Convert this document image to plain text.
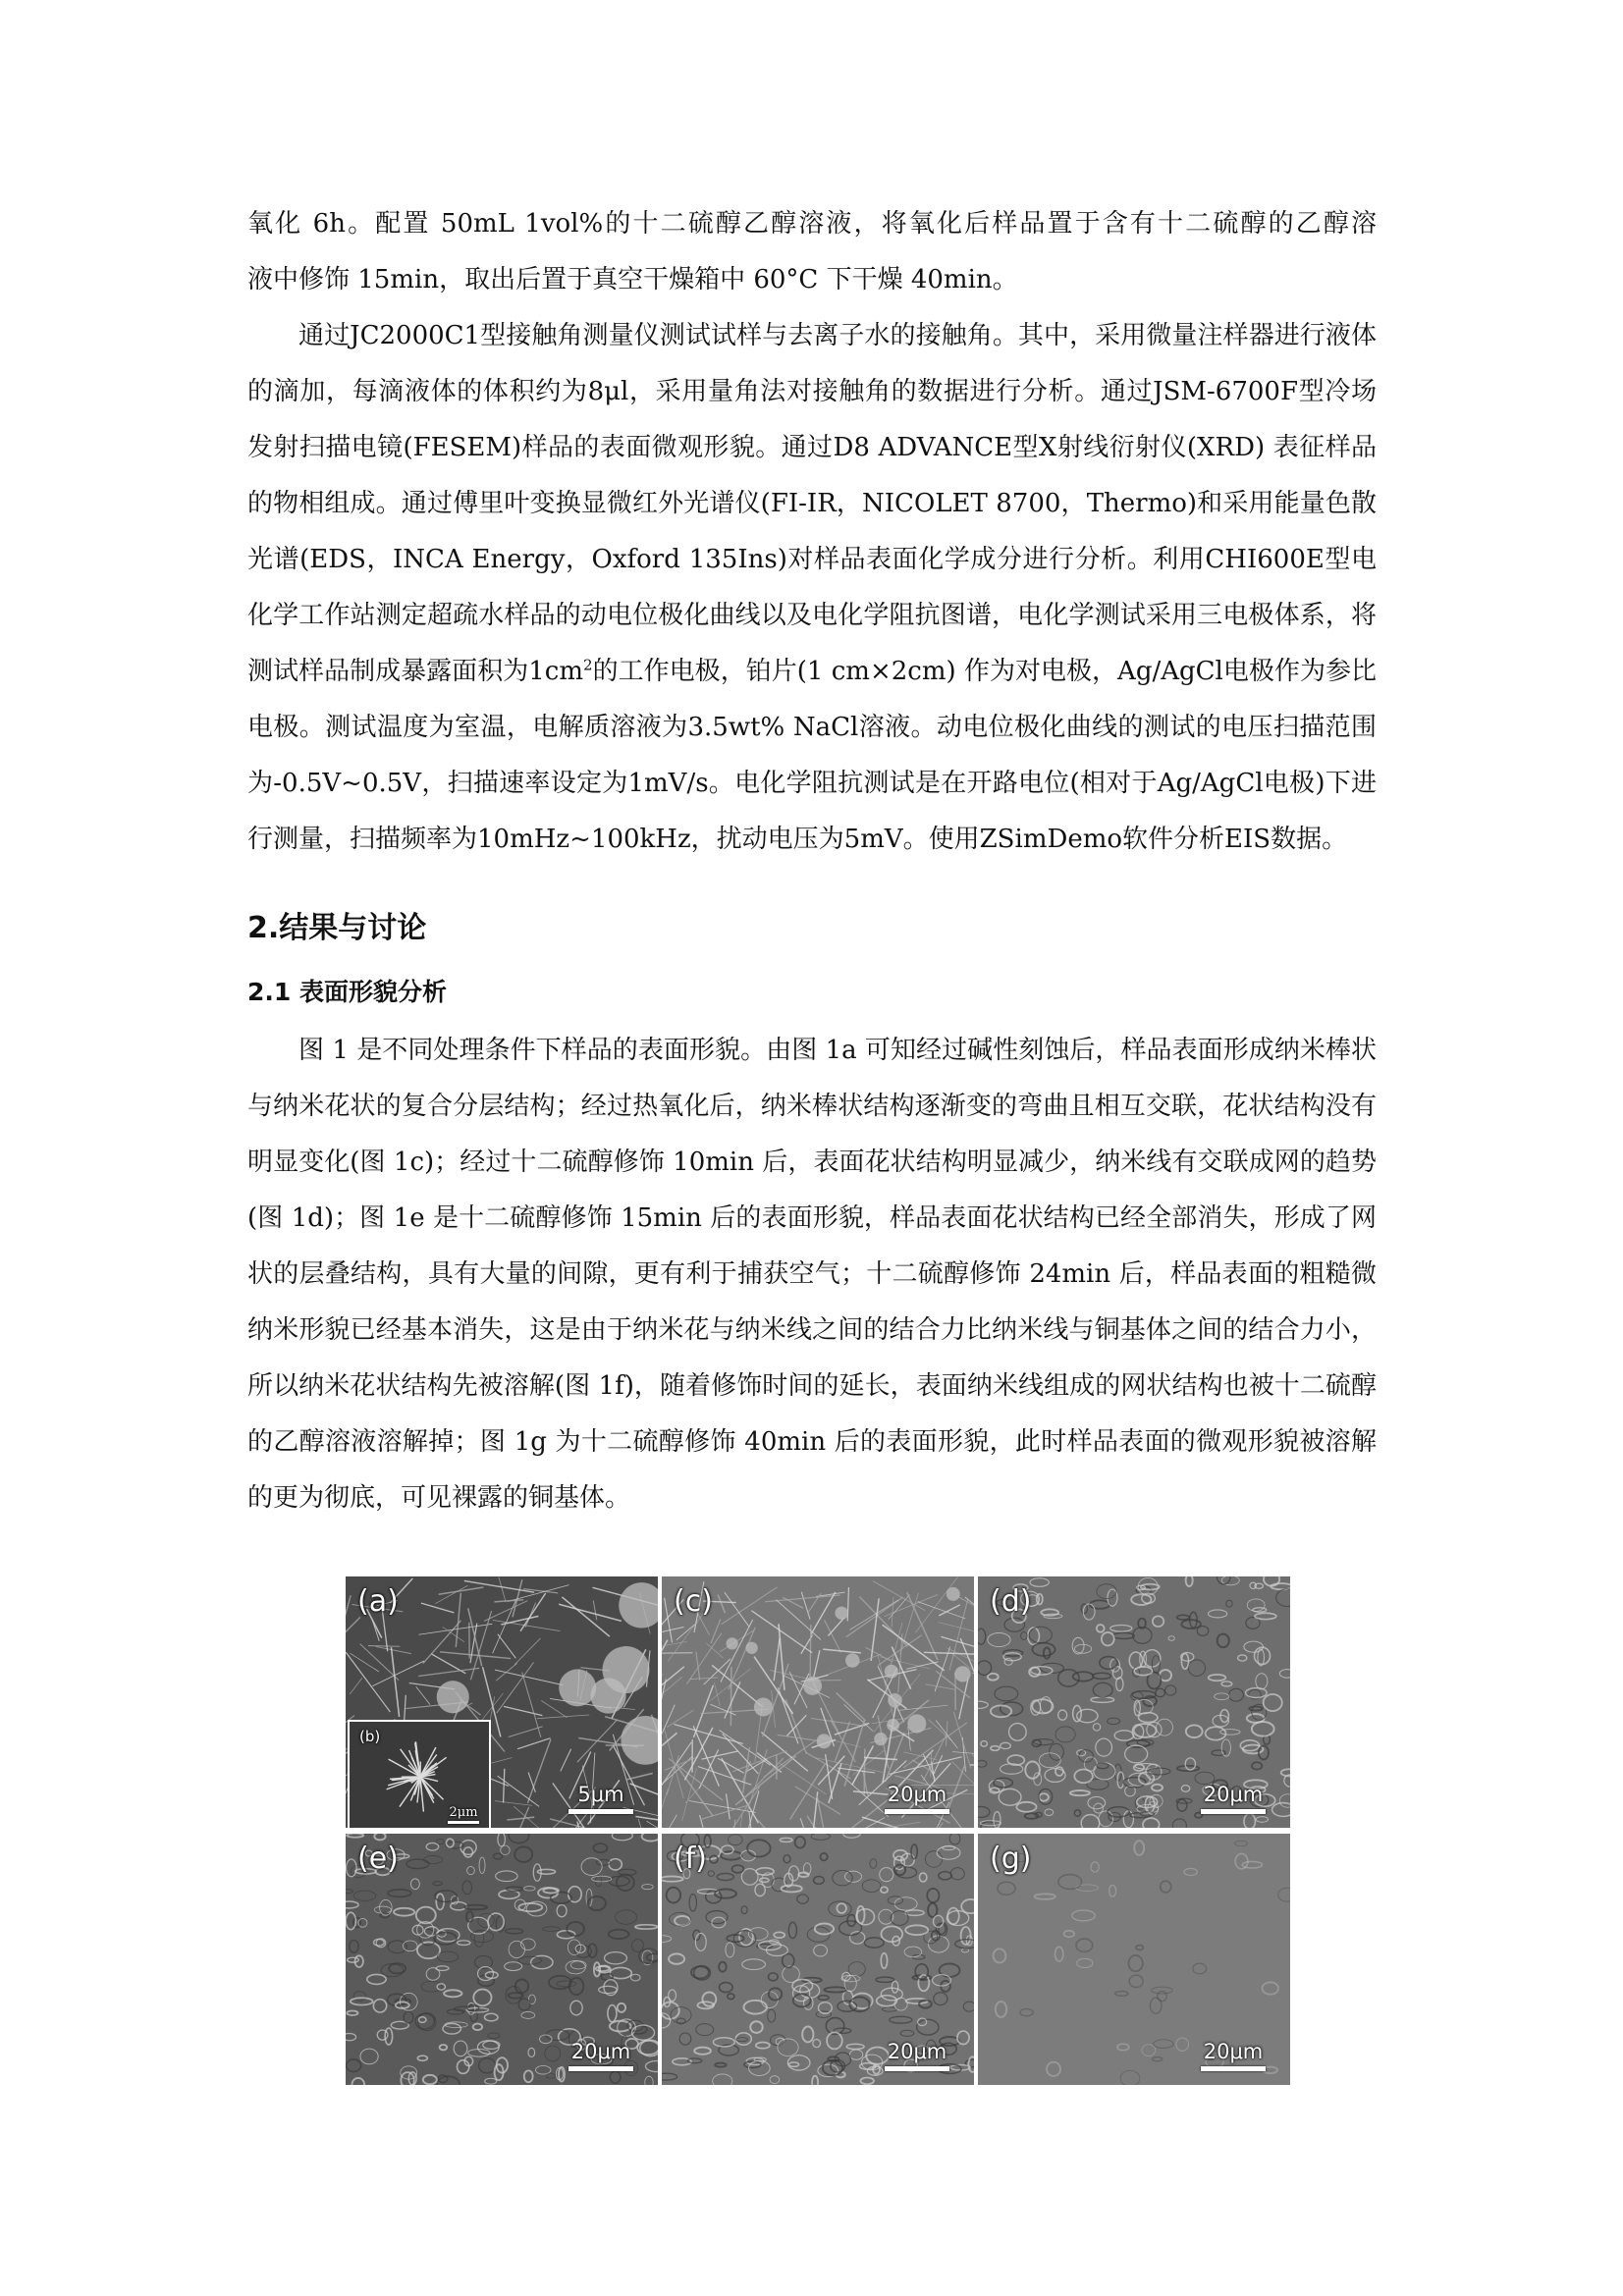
氧化 6h。配置 50mL 1vol%的十二硫醇乙醇溶液，将氧化后样品置于含有十二硫醇的乙醇溶

液中修饰 15min，取出后置于真空干燥箱中 60°C 下干燥 40min。

通过JC2000C1型接触角测量仪测试试样与去离子水的接触角。其中，采用微量注样器进行液体的滴加，每滴液体的体积约为8μl，采用量角法对接触角的数据进行分析。通过JSM-6700F型冷场发射扫描电镜(FESEM)样品的表面微观形貌。通过D8 ADVANCE型X射线衍射仪(XRD) 表征样品的物相组成。通过傅里叶变换显微红外光谱仪(FI-IR，NICOLET 8700，Thermo)和采用能量色散光谱(EDS，INCA Energy，Oxford 135Ins)对样品表面化学成分进行分析。利用CHI600E型电化学工作站测定超疏水样品的动电位极化曲线以及电化学阻抗图谱，电化学测试采用三电极体系，将测试样品制成暴露面积为$1cm^2$的工作电极，铂片(1 cm×2cm) 作为对电极，Ag/AgCl电极作为参比电极。测试温度为室温，电解质溶液为3.5wt% NaCl溶液。动电位极化曲线的测试的电压扫描范围为-0.5V~0.5V，扫描速率设定为1mV/s。电化学阻抗测试是在开路电位(相对于Ag/AgCl电极)下进行测量，扫描频率为10mHz~100kHz，扰动电压为5mV。使用ZSimDemo软件分析EIS数据。

2.结果与讨论

2.1 表面形貌分析

图 1 是不同处理条件下样品的表面形貌。由图 1a 可知经过碱性刻蚀后，样品表面形成纳米棒状与纳米花状的复合分层结构；经过热氧化后，纳米棒状结构逐渐变的弯曲且相互交联，花状结构没有明显变化(图 1c)；经过十二硫醇修饰 10min 后，表面花状结构明显减少，纳米线有交联成网的趋势(图 1d)；图 1e 是十二硫醇修饰 15min 后的表面形貌，样品表面花状结构已经全部消失，形成了网状的层叠结构，具有大量的间隙，更有利于捕获空气；十二硫醇修饰 24min 后，样品表面的粗糙微纳米形貌已经基本消失，这是由于纳米花与纳米线之间的结合力比纳米线与铜基体之间的结合力小，所以纳米花状结构先被溶解(图 1f)，随着修饰时间的延长，表面纳米线组成的网状结构也被十二硫醇的乙醇溶液溶解掉；图 1g 为十二硫醇修饰 40min 后的表面形貌，此时样品表面的微观形貌被溶解的更为彻底，可见裸露的铜基体。

(a)
(b)
2μm
5μm
(c)
20μm
(d)
20μm
(e)
20μm
(f)
20μm
(g)
20μm
